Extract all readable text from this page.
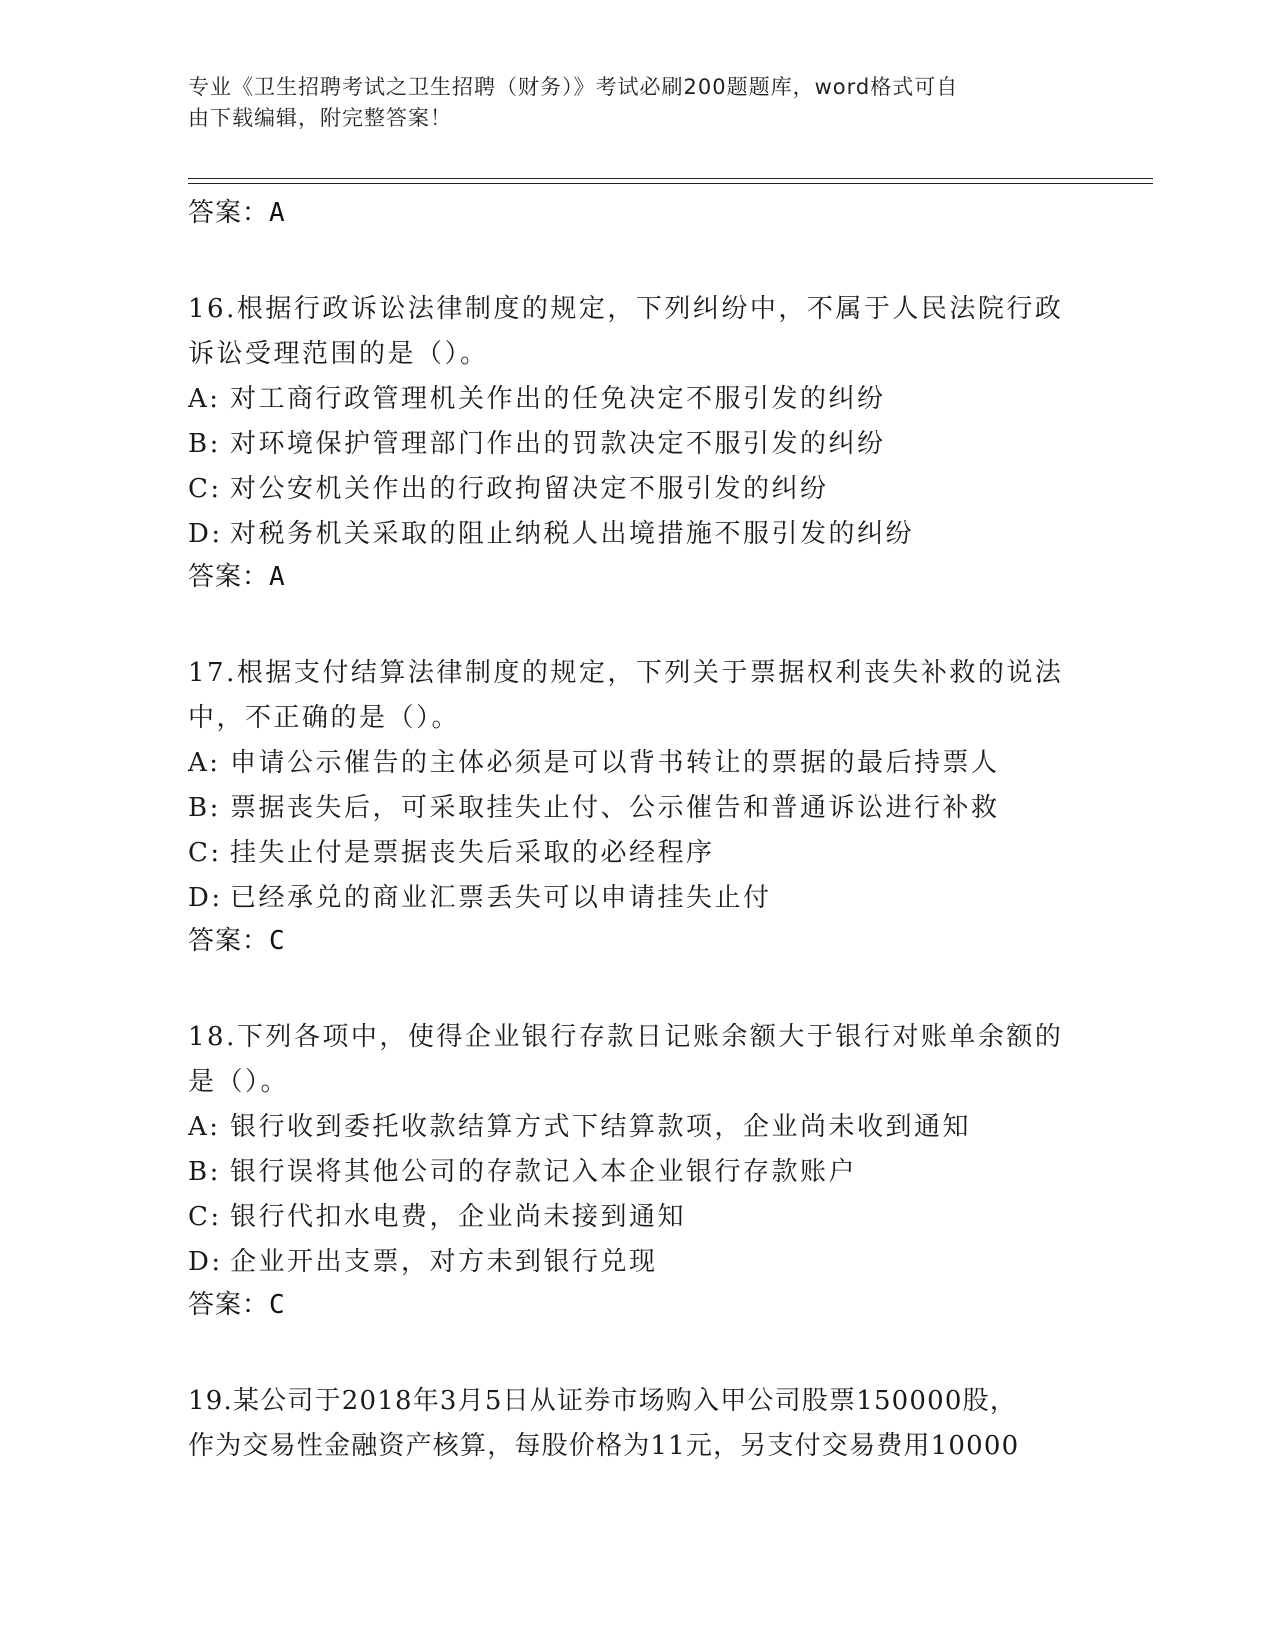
专业《卫生招聘考试之卫生招聘（财务）》考试必刷200题题库，word格式可自
由下载编辑，附完整答案！

答案：A

16.根据行政诉讼法律制度的规定，下列纠纷中，不属于人民法院行政
诉讼受理范围的是（）。

A: 对工商行政管理机关作出的任免决定不服引发的纠纷

B: 对环境保护管理部门作出的罚款决定不服引发的纠纷

C: 对公安机关作出的行政拘留决定不服引发的纠纷

D: 对税务机关采取的阻止纳税人出境措施不服引发的纠纷

答案：A

17.根据支付结算法律制度的规定，下列关于票据权利丧失补救的说法
中，不正确的是（）。

A: 申请公示催告的主体必须是可以背书转让的票据的最后持票人

B: 票据丧失后，可采取挂失止付、公示催告和普通诉讼进行补救

C: 挂失止付是票据丧失后采取的必经程序

D: 已经承兑的商业汇票丢失可以申请挂失止付

答案：C

18.下列各项中，使得企业银行存款日记账余额大于银行对账单余额的
是（）。

A: 银行收到委托收款结算方式下结算款项，企业尚未收到通知

B: 银行误将其他公司的存款记入本企业银行存款账户

C: 银行代扣水电费，企业尚未接到通知

D: 企业开出支票，对方未到银行兑现

答案：C

19.某公司于2018年3月5日从证券市场购入甲公司股票150000股，
作为交易性金融资产核算，每股价格为11元，另支付交易费用10000
